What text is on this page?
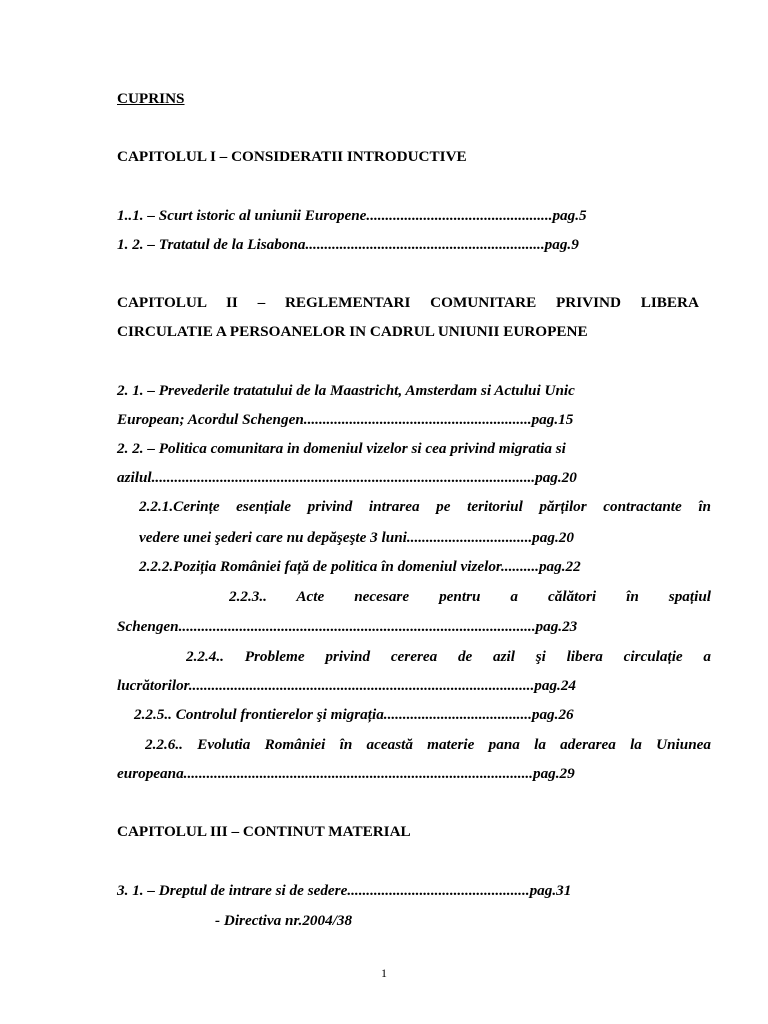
CUPRINS
CAPITOLUL I – CONSIDERATII INTRODUCTIVE
1..1. – Scurt istoric al uniunii Europene.................................................pag.5
1. 2. – Tratatul de la Lisabona...............................................................pag.9
CAPITOLUL II – REGLEMENTARI COMUNITARE PRIVIND LIBERA
CIRCULATIE A PERSOANELOR IN CADRUL UNIUNII EUROPENE
2. 1. – Prevederile tratatului de la Maastricht, Amsterdam si Actului Unic
European; Acordul Schengen............................................................pag.15
2. 2. – Politica comunitara in domeniul vizelor si cea privind migratia si
azilul.....................................................................................................pag.20
2.2.1.Cerințe esențiale privind intrarea pe teritoriul părților contractante în
vedere unei şederi care nu depăşeşte 3 luni.................................pag.20
2.2.2.Poziția României față de politica în domeniul vizelor..........pag.22
2.2.3.. Acte necesare pentru a călători în spațiul
Schengen..............................................................................................pag.23
2.2.4.. Probleme privind cererea de azil şi libera circulație a
lucrătorilor...........................................................................................pag.24
2.2.5.. Controlul frontierelor şi migrația.......................................pag.26
2.2.6.. Evolutia României în această materie pana la aderarea la Uniunea
europeana............................................................................................pag.29
CAPITOLUL III – CONTINUT MATERIAL
3. 1. – Dreptul de intrare si de sedere................................................pag.31
- Directiva nr.2004/38
1
